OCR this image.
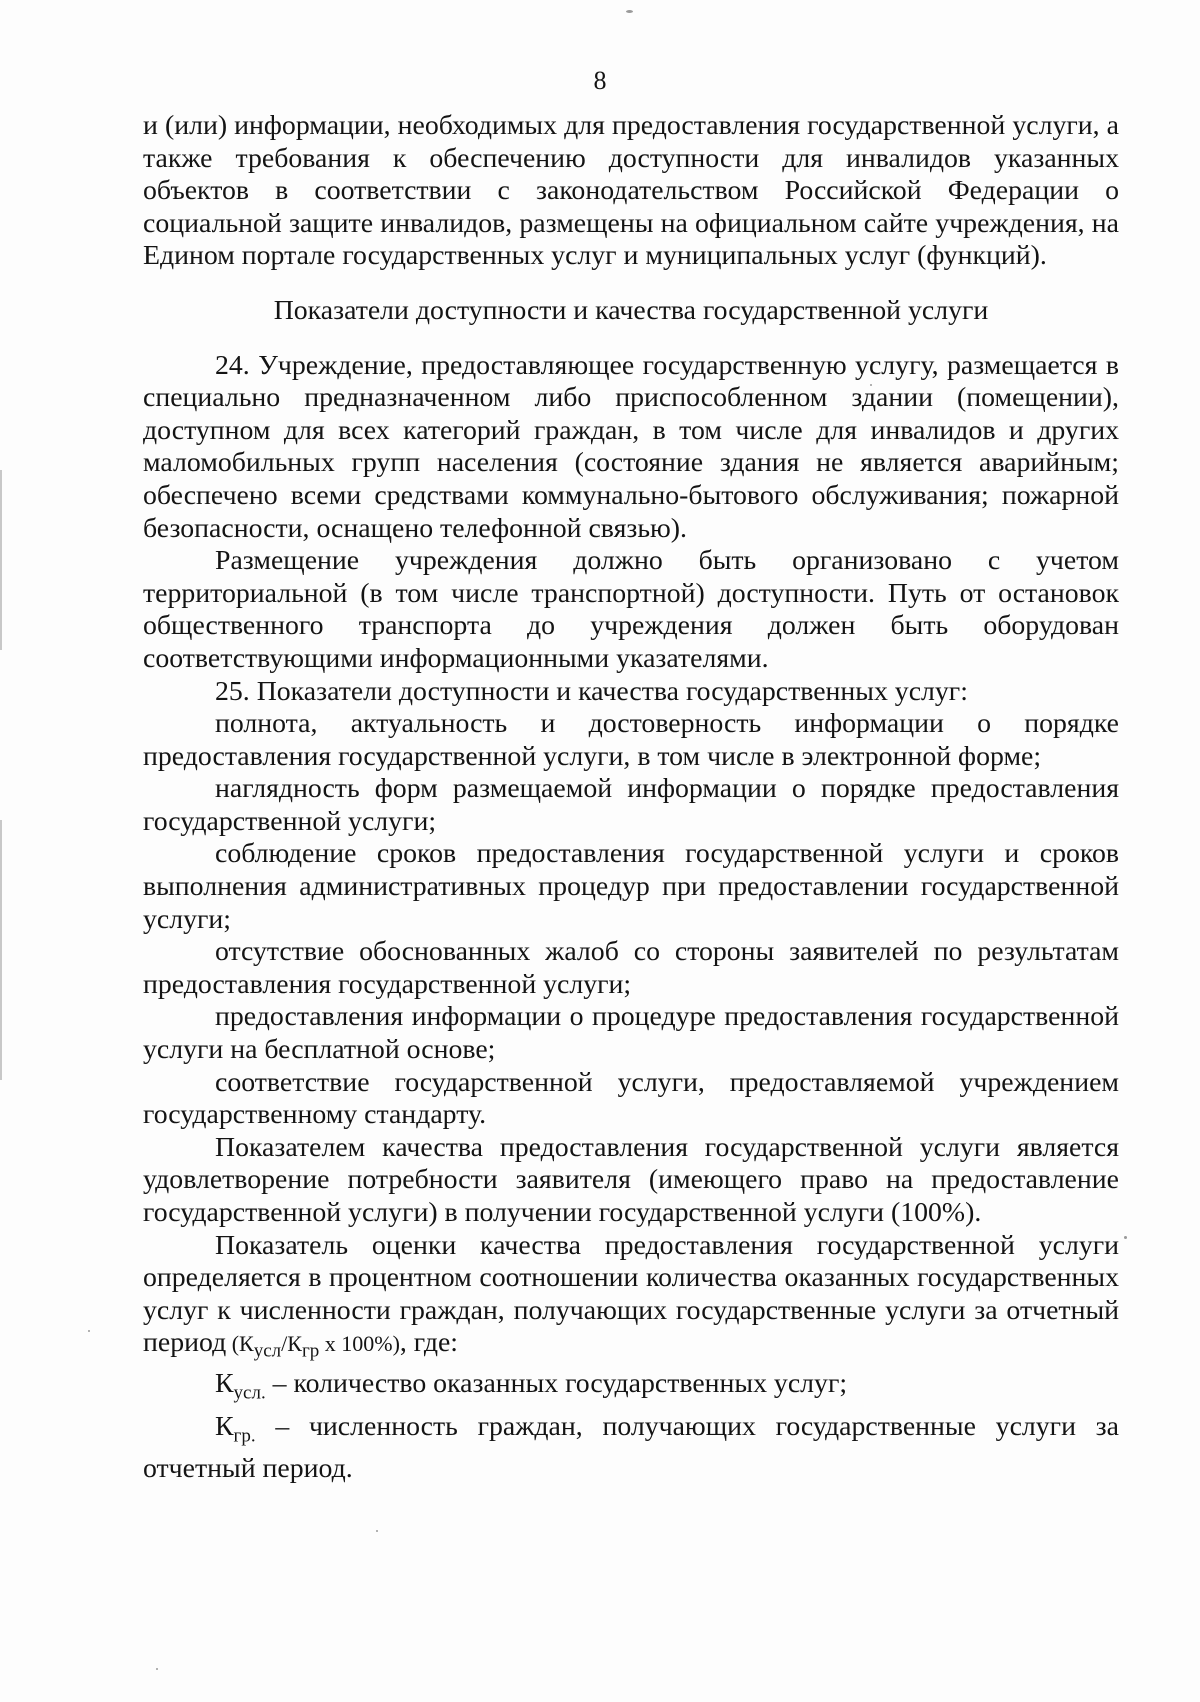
8

и (или) информации, необходимых для предоставления государственной услуги, а также требования к обеспечению доступности для инвалидов указанных объектов в соответствии с законодательством Российской Федерации о социальной защите инвалидов, размещены на официальном сайте учреждения, на Едином портале государственных услуг и муниципальных услуг (функций).

Показатели доступности и качества государственной услуги

24. Учреждение, предоставляющее государственную услугу, размещается в специально предназначенном либо приспособленном здании (помещении), доступном для всех категорий граждан, в том числе для инвалидов и других маломобильных групп населения (состояние здания не является аварийным; обеспечено всеми средствами коммунально-бытового обслуживания; пожарной безопасности, оснащено телефонной связью).

Размещение учреждения должно быть организовано с учетом территориальной (в том числе транспортной) доступности. Путь от остановок общественного транспорта до учреждения должен быть оборудован соответствующими информационными указателями.

25. Показатели доступности и качества государственных услуг:

полнота, актуальность и достоверность информации о порядке предоставления государственной услуги, в том числе в электронной форме;

наглядность форм размещаемой информации о порядке предоставления государственной услуги;

соблюдение сроков предоставления государственной услуги и сроков выполнения административных процедур при предоставлении государственной услуги;

отсутствие обоснованных жалоб со стороны заявителей по результатам предоставления государственной услуги;

предоставления информации о процедуре предоставления государственной услуги на бесплатной основе;

соответствие государственной услуги, предоставляемой учреждением государственному стандарту.

Показателем качества предоставления государственной услуги является удовлетворение потребности заявителя (имеющего право на предоставление государственной услуги) в получении государственной услуги (100%).

Показатель оценки качества предоставления государственной услуги определяется в процентном соотношении количества оказанных государственных услуг к численности граждан, получающих государственные услуги за отчетный период ($К_{усл}/К_{гр}$ х 100%), где:

$К_{усл.}$ – количество оказанных государственных услуг;

$К_{гр.}$ – численность граждан, получающих государственные услуги за отчетный период.
